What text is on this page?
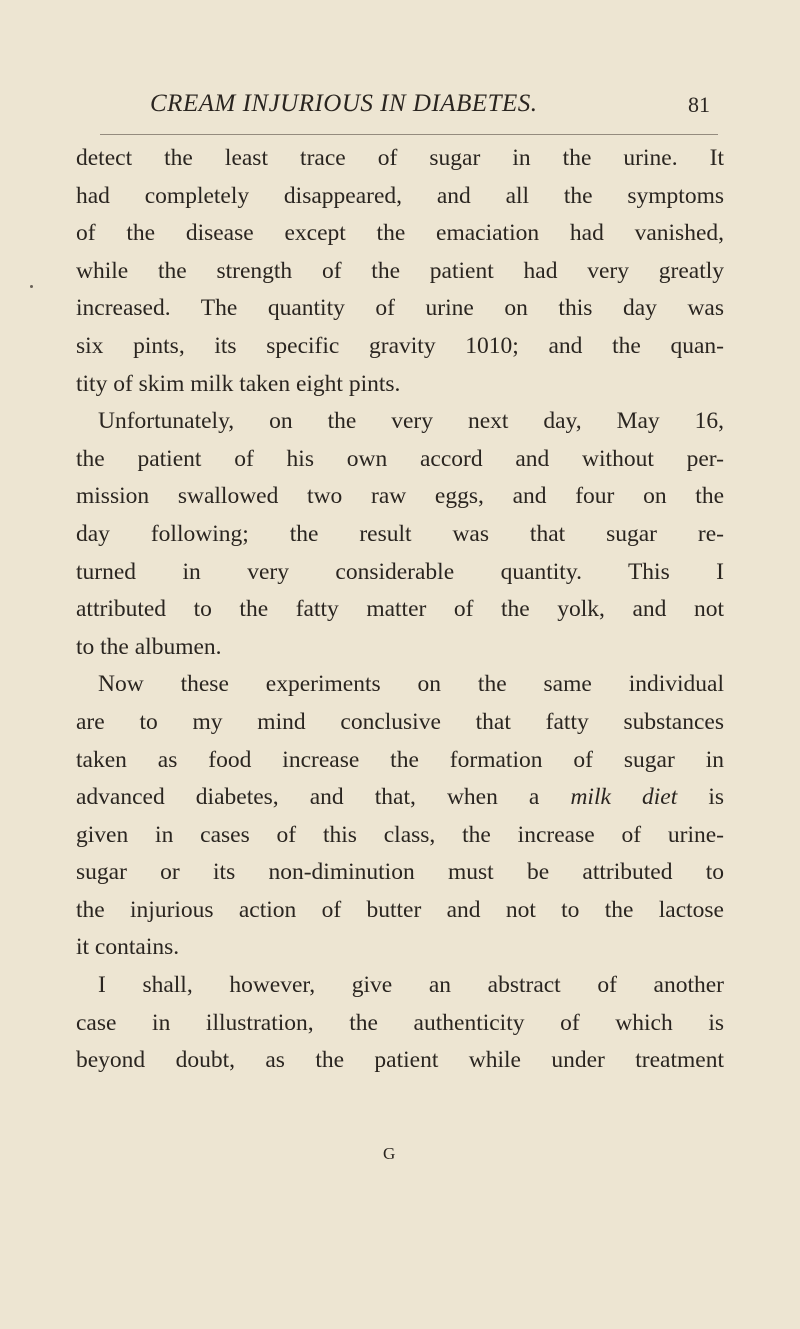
CREAM INJURIOUS IN DIABETES.	81
detect the least trace of sugar in the urine. It
had completely disappeared, and all the symptoms
of the disease except the emaciation had vanished,
while the strength of the patient had very greatly
increased. The quantity of urine on this day was
six pints, its specific gravity 1010; and the quan-
tity of skim milk taken eight pints.
Unfortunately, on the very next day, May 16,
the patient of his own accord and without per-
mission swallowed two raw eggs, and four on the
day following; the result was that sugar re-
turned in very considerable quantity. This I
attributed to the fatty matter of the yolk, and not
to the albumen.
Now these experiments on the same individual
are to my mind conclusive that fatty substances
taken as food increase the formation of sugar in
advanced diabetes, and that, when a milk diet is
given in cases of this class, the increase of urine-
sugar or its non-diminution must be attributed to
the injurious action of butter and not to the lactose
it contains.
I shall, however, give an abstract of another
case in illustration, the authenticity of which is
beyond doubt, as the patient while under treatment
G
